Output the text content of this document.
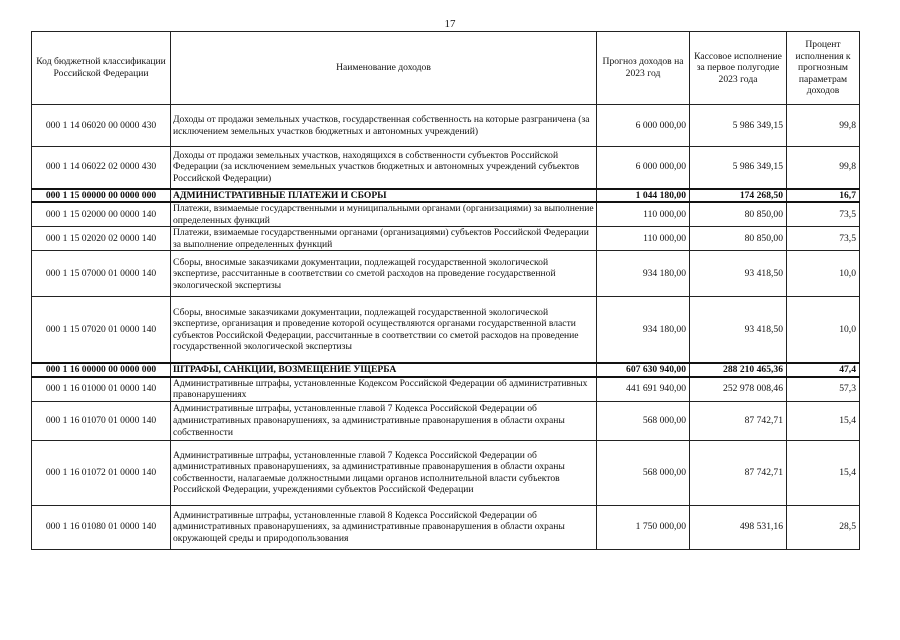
17
Код бюджетной классификации Российской Федерации	Наименование доходов	Прогноз доходов на 2023 год	Кассовое исполнение за первое полугодие 2023 года	Процент исполнения к прогнозным параметрам доходов
000 1 14 06020 00 0000 430	Доходы от продажи земельных участков, государственная собственность на которые разграничена (за исключением земельных участков бюджетных и автономных учреждений)	6 000 000,00	5 986 349,15	99,8
000 1 14 06022 02 0000 430	Доходы от продажи земельных участков, находящихся в собственности субъектов Российской Федерации (за исключением земельных участков бюджетных и автономных учреждений субъектов Российской Федерации)	6 000 000,00	5 986 349,15	99,8
000 1 15 00000 00 0000 000	АДМИНИСТРАТИВНЫЕ ПЛАТЕЖИ И СБОРЫ	1 044 180,00	174 268,50	16,7
000 1 15 02000 00 0000 140	Платежи, взимаемые государственными и муниципальными органами (организациями) за выполнение определенных функций	110 000,00	80 850,00	73,5
000 1 15 02020 02 0000 140	Платежи, взимаемые государственными органами (организациями) субъектов Российской Федерации за выполнение определенных функций	110 000,00	80 850,00	73,5
000 1 15 07000 01 0000 140	Сборы, вносимые заказчиками документации, подлежащей государственной экологической экспертизе, рассчитанные в соответствии со сметой расходов на проведение государственной экологической экспертизы	934 180,00	93 418,50	10,0
000 1 15 07020 01 0000 140	Сборы, вносимые заказчиками документации, подлежащей государственной экологической экспертизе, организация и проведение которой осуществляются органами государственной власти субъектов Российской Федерации, рассчитанные в соответствии со сметой расходов на проведение государственной экологической экспертизы	934 180,00	93 418,50	10,0
000 1 16 00000 00 0000 000	ШТРАФЫ, САНКЦИИ, ВОЗМЕЩЕНИЕ УЩЕРБА	607 630 940,00	288 210 465,36	47,4
000 1 16 01000 01 0000 140	Административные штрафы, установленные Кодексом Российской Федерации об административных правонарушениях	441 691 940,00	252 978 008,46	57,3
000 1 16 01070 01 0000 140	Административные штрафы, установленные главой 7 Кодекса Российской Федерации об административных правонарушениях, за административные правонарушения в области охраны собственности	568 000,00	87 742,71	15,4
000 1 16 01072 01 0000 140	Административные штрафы, установленные главой 7 Кодекса Российской Федерации об административных правонарушениях, за административные правонарушения в области охраны собственности, налагаемые должностными лицами органов исполнительной власти субъектов Российской Федерации, учреждениями субъектов Российской Федерации	568 000,00	87 742,71	15,4
000 1 16 01080 01 0000 140	Административные штрафы, установленные главой 8 Кодекса Российской Федерации об административных правонарушениях, за административные правонарушения в области охраны окружающей среды и природопользования	1 750 000,00	498 531,16	28,5
